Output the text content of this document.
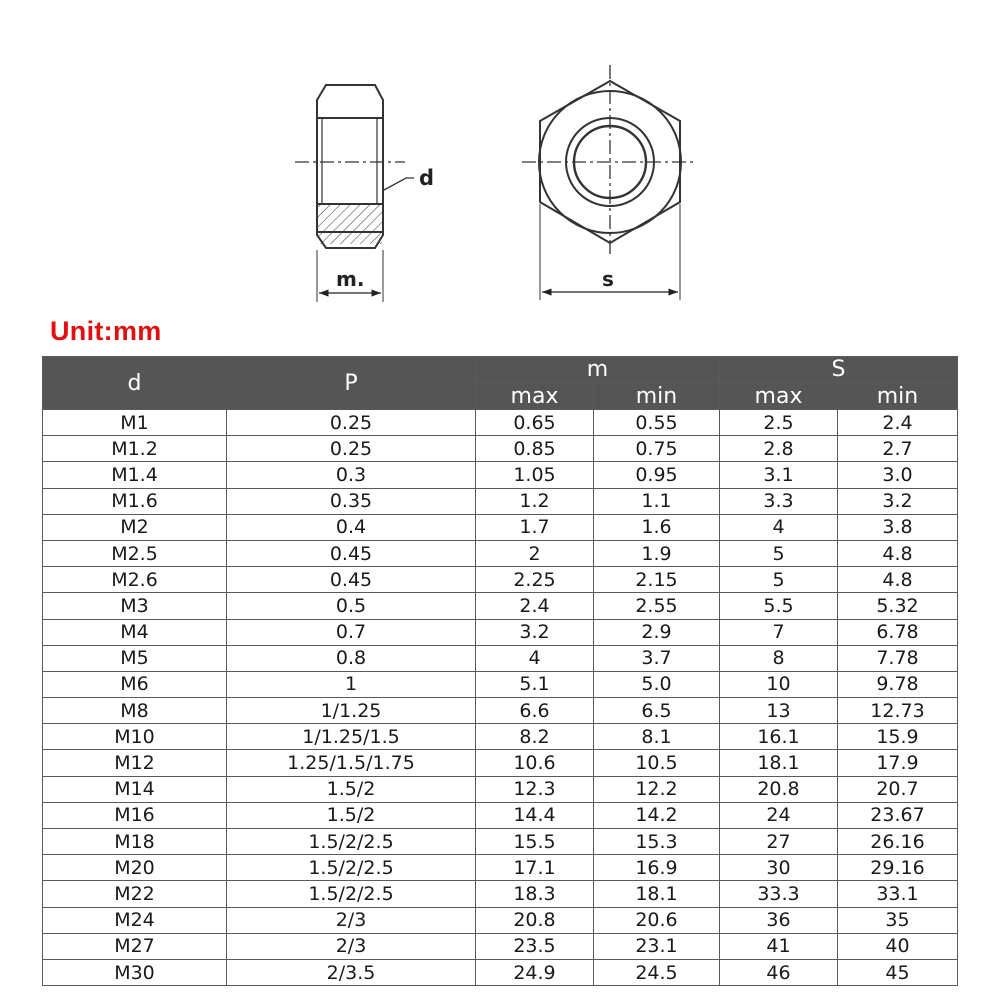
d
m.	s
Unit:mm
d	P	m		S	
		max	min	max	min
M1	0.25	0.65	0.55	2.5	2.4
M1.2	0.25	0.85	0.75	2.8	2.7
M1.4	0.3	1.05	0.95	3.1	3.0
M1.6	0.35	1.2	1.1	3.3	3.2
M2	0.4	1.7	1.6	4	3.8
M2.5	0.45	2	1.9	5	4.8
M2.6	0.45	2.25	2.15	5	4.8
M3	0.5	2.4	2.55	5.5	5.32
M4	0.7	3.2	2.9	7	6.78
M5	0.8	4	3.7	8	7.78
M6	1	5.1	5.0	10	9.78
M8	1/1.25	6.6	6.5	13	12.73
M10	1/1.25/1.5	8.2	8.1	16.1	15.9
M12	1.25/1.5/1.75	10.6	10.5	18.1	17.9
M14	1.5/2	12.3	12.2	20.8	20.7
M16	1.5/2	14.4	14.2	24	23.67
M18	1.5/2/2.5	15.5	15.3	27	26.16
M20	1.5/2/2.5	17.1	16.9	30	29.16
M22	1.5/2/2.5	18.3	18.1	33.3	33.1
M24	2/3	20.8	20.6	36	35
M27	2/3	23.5	23.1	41	40
M30	2/3.5	24.9	24.5	46	45
